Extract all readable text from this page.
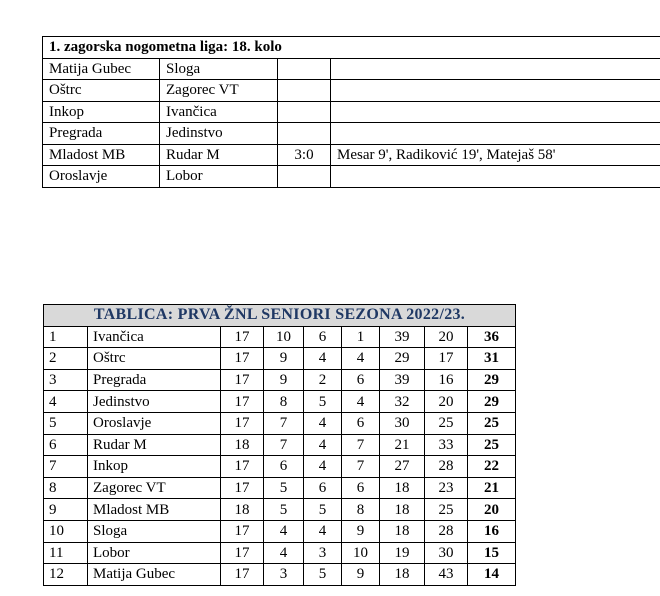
1. zagorska nogometna liga: 18. kolo			
Matija Gubec	Sloga		
Oštrc	Zagorec VT		
Inkop	Ivančica		
Pregrada	Jedinstvo		
Mladost MB	Rudar M	3:0	Mesar 9', Radiković 19', Matejaš 58'
Oroslavje	Lobor		
TABLICA: PRVA ŽNL SENIORI SEZONA 2022/23.								
1	Ivančica	17	10	6	1	39	20	36
2	Oštrc	17	9	4	4	29	17	31
3	Pregrada	17	9	2	6	39	16	29
4	Jedinstvo	17	8	5	4	32	20	29
5	Oroslavje	17	7	4	6	30	25	25
6	Rudar M	18	7	4	7	21	33	25
7	Inkop	17	6	4	7	27	28	22
8	Zagorec VT	17	5	6	6	18	23	21
9	Mladost MB	18	5	5	8	18	25	20
10	Sloga	17	4	4	9	18	28	16
11	Lobor	17	4	3	10	19	30	15
12	Matija Gubec	17	3	5	9	18	43	14
